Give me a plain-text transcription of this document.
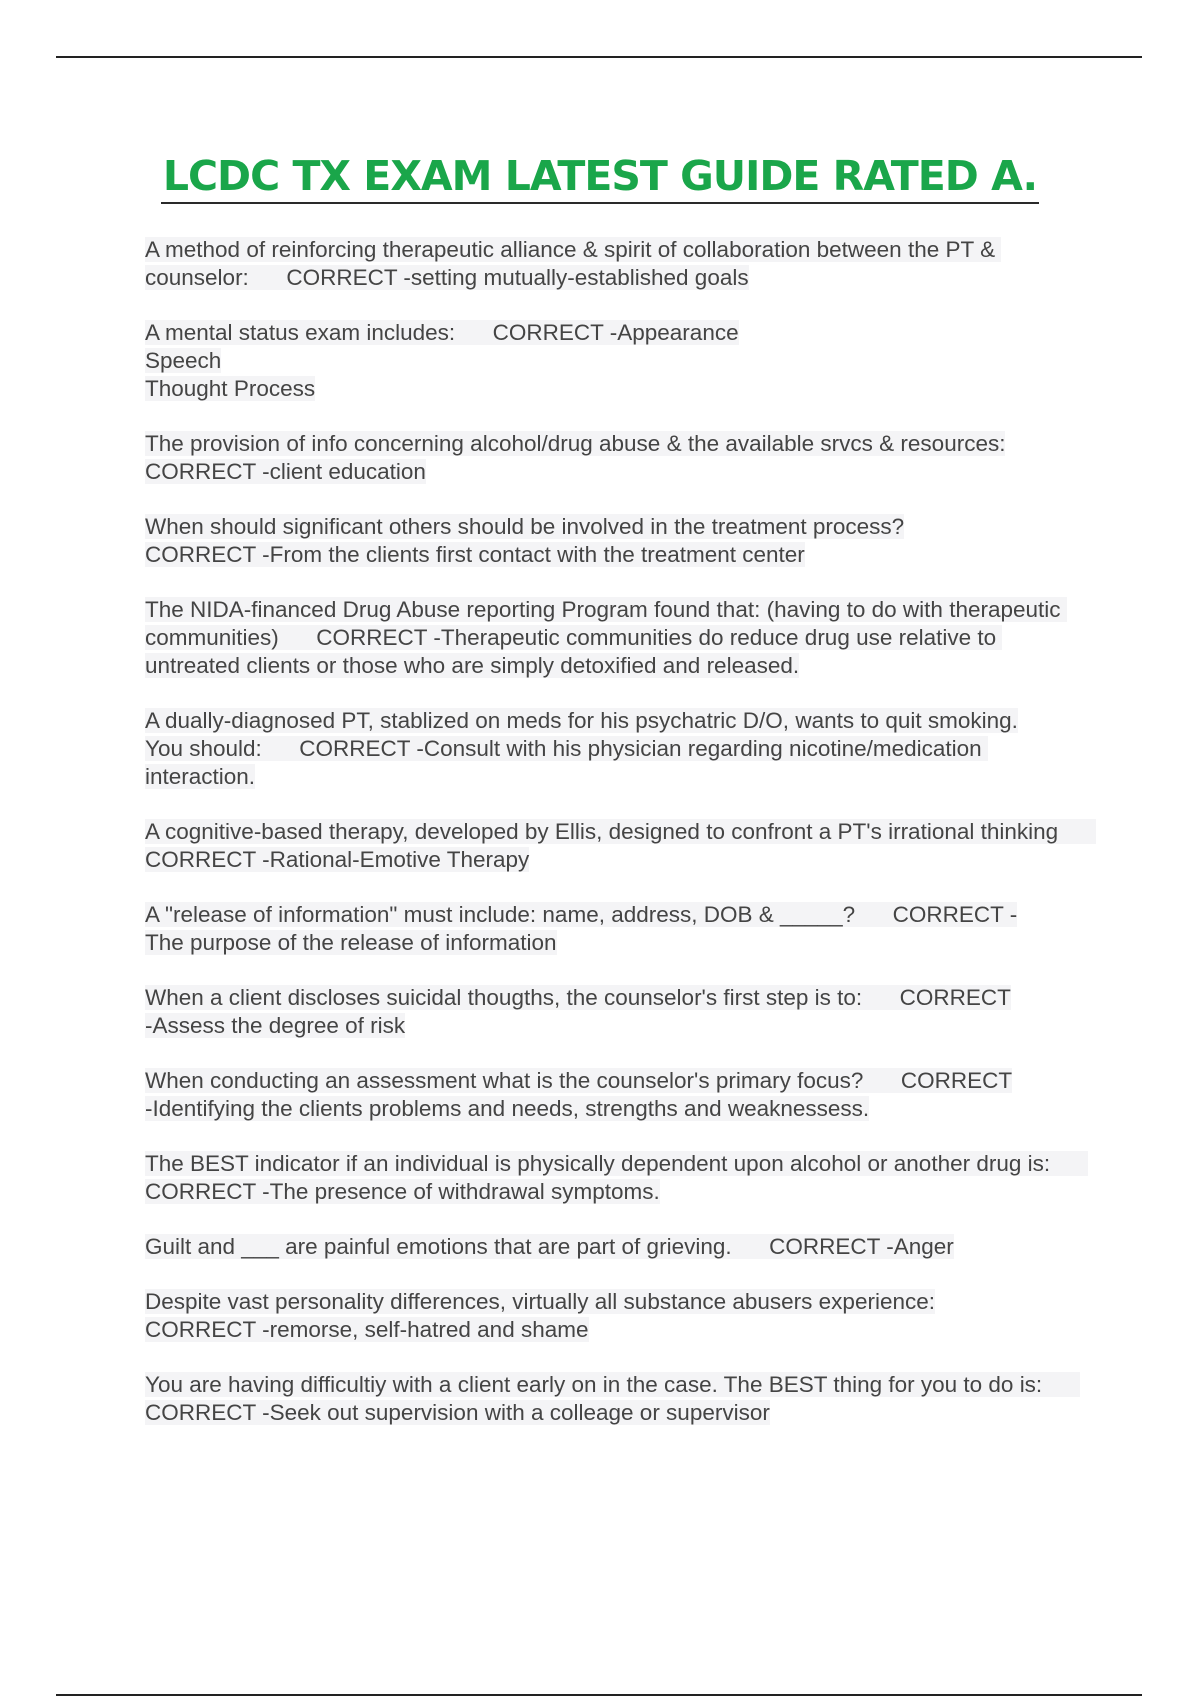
LCDC TX EXAM LATEST GUIDE RATED A.

A method of reinforcing therapeutic alliance & spirit of collaboration between the PT & counselor:      CORRECT -setting mutually-established goals

A mental status exam includes:      CORRECT -Appearance
Speech
Thought Process

The provision of info concerning alcohol/drug abuse & the available srvcs & resources:
CORRECT -client education

When should significant others should be involved in the treatment process?
CORRECT -From the clients first contact with the treatment center

The NIDA-financed Drug Abuse reporting Program found that: (having to do with therapeutic communities)      CORRECT -Therapeutic communities do reduce drug use relative to untreated clients or those who are simply detoxified and released.

A dually-diagnosed PT, stablized on meds for his psychatric D/O, wants to quit smoking.
You should:      CORRECT -Consult with his physician regarding nicotine/medication interaction.

A cognitive-based therapy, developed by Ellis, designed to confront a PT's irrational thinking      CORRECT -Rational-Emotive Therapy

A "release of information" must include: name, address, DOB & _____?      CORRECT -
The purpose of the release of information

When a client discloses suicidal thougths, the counselor's first step is to:      CORRECT
-Assess the degree of risk

When conducting an assessment what is the counselor's primary focus?      CORRECT
-Identifying the clients problems and needs, strengths and weaknessess.

The BEST indicator if an individual is physically dependent upon alcohol or another drug is:      CORRECT -The presence of withdrawal symptoms.

Guilt and ___ are painful emotions that are part of grieving.      CORRECT -Anger

Despite vast personality differences, virtually all substance abusers experience:
CORRECT -remorse, self-hatred and shame

You are having difficultiy with a client early on in the case. The BEST thing for you to do is:      CORRECT -Seek out supervision with a colleage or supervisor
